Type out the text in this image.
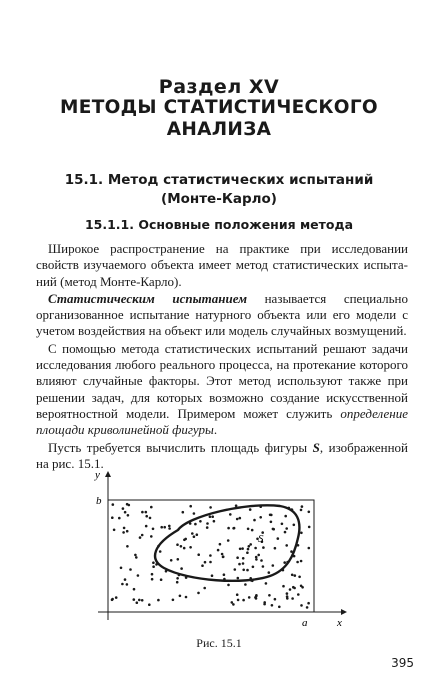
Раздел XV
МЕТОДЫ СТАТИСТИЧЕСКОГО
АНАЛИЗА
15.1. Метод статистических испытаний
(Монте-Карло)
15.1.1. Основные положения метода

Широкое распространение на практике при исследовании свойств изучаемого объекта имеет метод статистических испытаний (метод Монте-Карло).

Статистическим испытанием называется специально организованное испытание натурного объекта или его модели с учетом воздействия на объект или модель случайных возмущений.

С помощью метода статистических испытаний решают задачи исследования любого реального процесса, на протекание которого влияют случайные факторы. Этот метод используют также при решении задач, для которых возможно создание искусственной вероятностной модели. Примером может служить определение площади криволинейной фигуры.

Пусть требуется вычислить площадь фигуры S, изображенной на рис. 15.1.

y
b
S
a	x
Рис. 15.1
395
